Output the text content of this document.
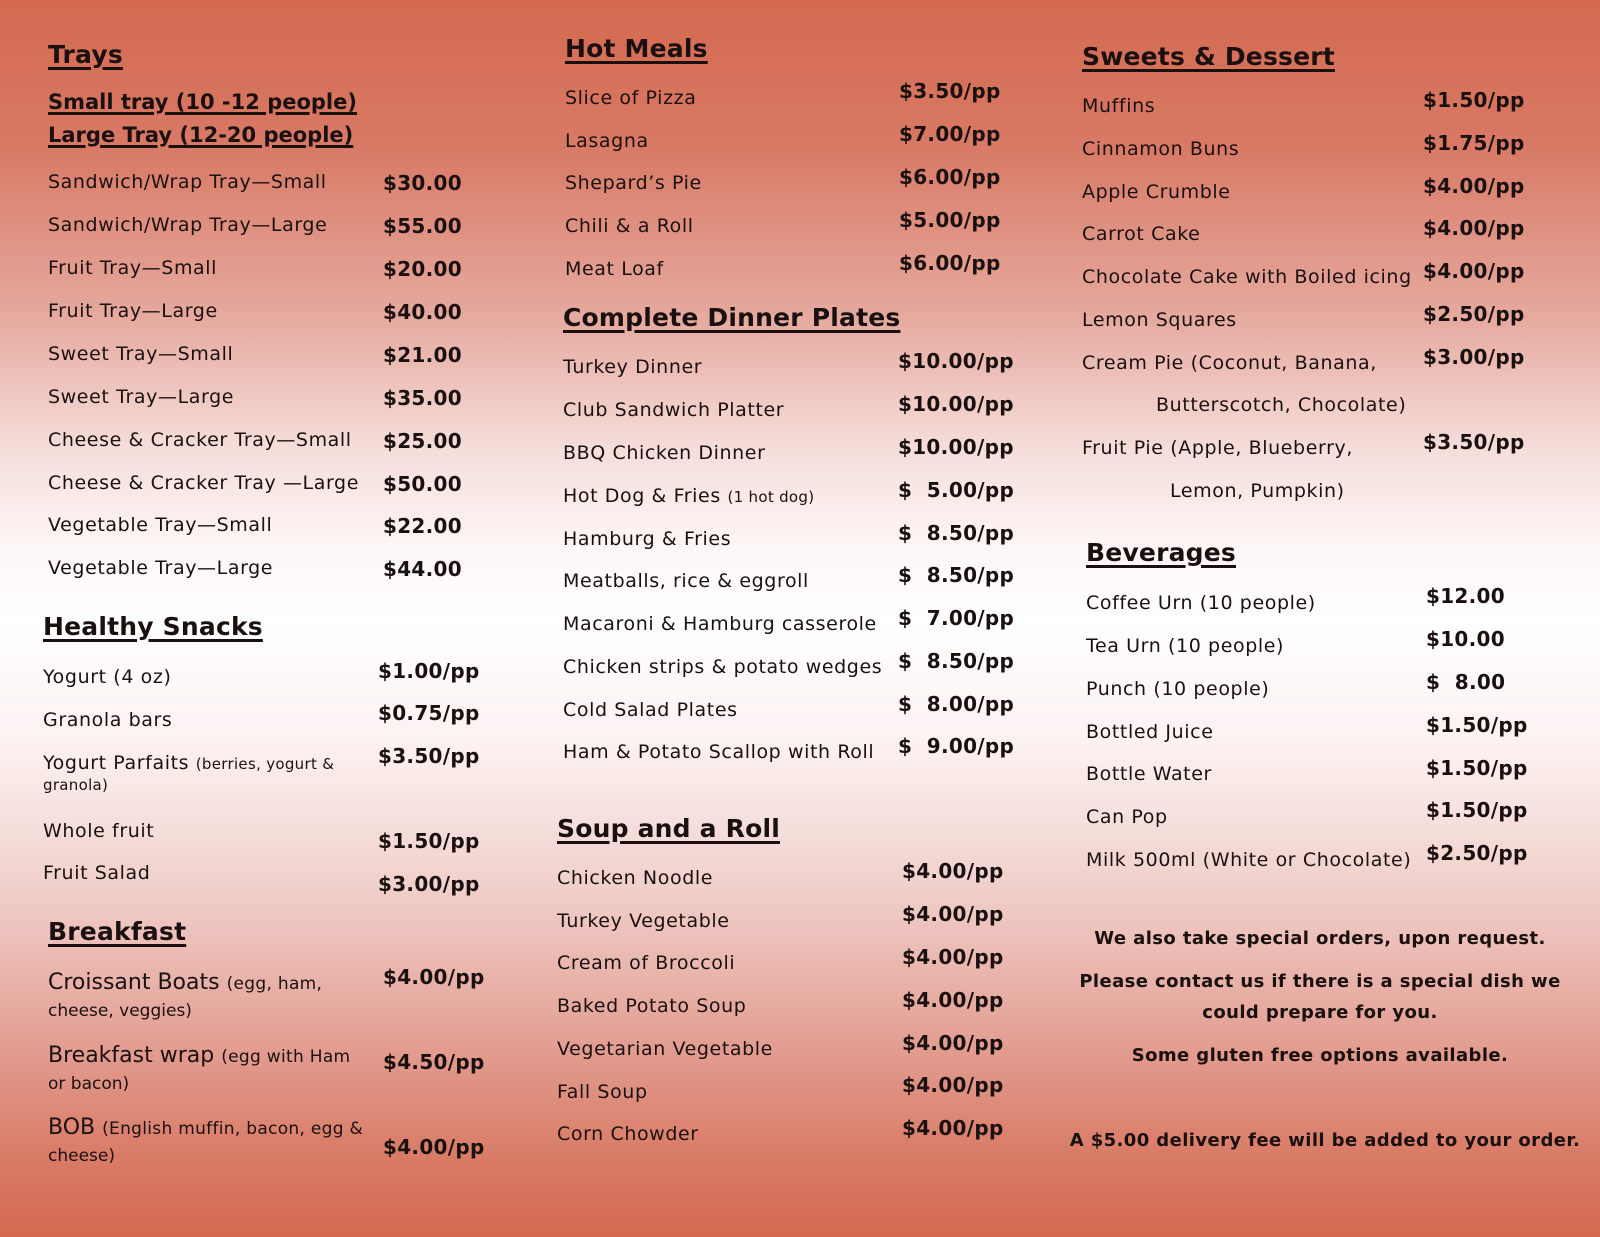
Trays
Small tray (10 -12 people)
Large Tray (12-20 people)
Sandwich/Wrap Tray—Small	$30.00
Sandwich/Wrap Tray—Large	$55.00
Fruit Tray—Small	$20.00
Fruit Tray—Large	$40.00
Sweet Tray—Small	$21.00
Sweet Tray—Large	$35.00
Cheese & Cracker Tray—Small $25.00
Cheese & Cracker Tray —Large $50.00
Vegetable Tray—Small	$22.00
Vegetable Tray—Large	$44.00
Healthy Snacks
Yogurt (4 oz)	$1.00/pp
Granola bars	$0.75/pp
Yogurt Parfaits (berries, yogurt &
granola)
$3.50/pp
Whole fruit	$1.50/pp
Fruit Salad	$3.00/pp
Breakfast
Croissant Boats (egg, ham,
cheese, veggies)
$4.00/pp
Breakfast wrap (egg with Ham
or bacon)
$4.50/pp
BOB (English muffin, bacon, egg &
cheese)	$4.00/pp
Hot Meals
Slice of Pizza	$3.50/pp
Lasagna	$7.00/pp
Shepard’s Pie	$6.00/pp
Chili & a Roll	$5.00/pp
Meat Loaf	$6.00/pp
Complete Dinner Plates
Turkey Dinner	$10.00/pp
Club Sandwich Platter	$10.00/pp
BBQ Chicken Dinner	$10.00/pp
Hot Dog & Fries (1 hot dog)	$  5.00/pp
Hamburg & Fries	$  8.50/pp
Meatballs, rice & eggroll	$  8.50/pp
Macaroni & Hamburg casserole $  7.00/pp
Chicken strips & potato wedges $  8.50/pp
Cold Salad Plates	$  8.00/pp
Ham & Potato Scallop with Roll $  9.00/pp
Soup and a Roll
Chicken Noodle	$4.00/pp
Turkey Vegetable	$4.00/pp
Cream of Broccoli	$4.00/pp
Baked Potato Soup	$4.00/pp
Vegetarian Vegetable	$4.00/pp
Fall Soup	$4.00/pp
Corn Chowder	$4.00/pp
Sweets & Dessert
Muffins	$1.50/pp
Cinnamon Buns	$1.75/pp
Apple Crumble	$4.00/pp
Carrot Cake	$4.00/pp
Chocolate Cake with Boiled icing $4.00/pp
Lemon Squares	$2.50/pp
Cream Pie (Coconut, Banana,
Butterscotch, Chocolate)
$3.00/pp
Fruit Pie (Apple, Blueberry,
Lemon, Pumpkin)
$3.50/pp
Beverages
Coffee Urn (10 people)	$12.00
Tea Urn (10 people)	$10.00
Punch (10 people)	$  8.00
Bottled Juice	$1.50/pp
Bottle Water	$1.50/pp
Can Pop	$1.50/pp
Milk 500ml (White or Chocolate) $2.50/pp
We also take special orders, upon request.
Please contact us if there is a special dish we
could prepare for you.
Some gluten free options available.
A $5.00 delivery fee will be added to your order.
